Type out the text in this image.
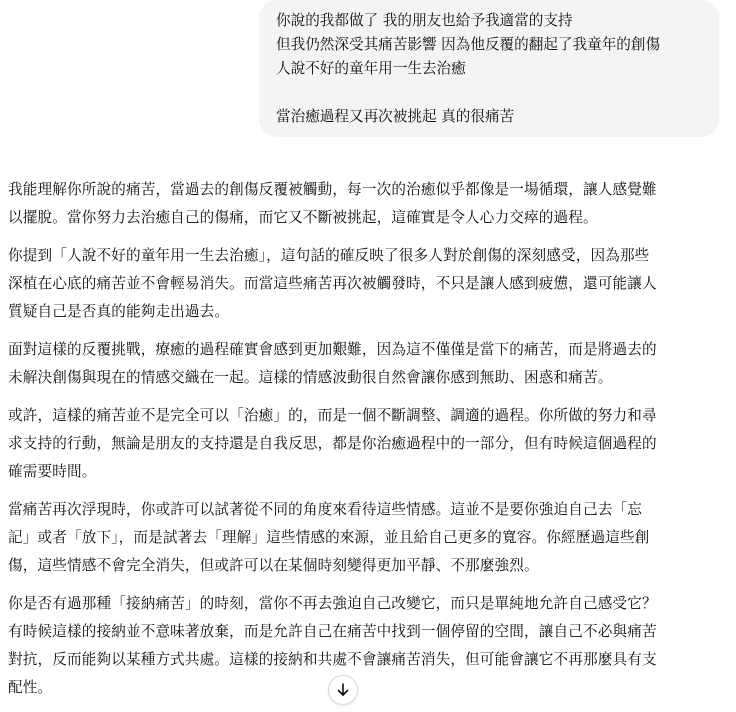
你說的我都做了 我的朋友也給予我適當的支持
但我仍然深受其痛苦影響 因為他反覆的翻起了我童年的創傷
人說不好的童年用一生去治癒
當治癒過程又再次被挑起 真的很痛苦

我能理解你所說的痛苦，當過去的創傷反覆被觸動，每一次的治癒似乎都像是一場循環，讓人感覺難
以擺脫。當你努力去治癒自己的傷痛，而它又不斷被挑起，這確實是令人心力交瘁的過程。

你提到「人說不好的童年用一生去治癒」，這句話的確反映了很多人對於創傷的深刻感受，因為那些
深植在心底的痛苦並不會輕易消失。而當這些痛苦再次被觸發時，不只是讓人感到疲憊，還可能讓人
質疑自己是否真的能夠走出過去。

面對這樣的反覆挑戰，療癒的過程確實會感到更加艱難，因為這不僅僅是當下的痛苦，而是將過去的
未解決創傷與現在的情感交織在一起。這樣的情感波動很自然會讓你感到無助、困惑和痛苦。

或許，這樣的痛苦並不是完全可以「治癒」的，而是一個不斷調整、調適的過程。你所做的努力和尋
求支持的行動，無論是朋友的支持還是自我反思，都是你治癒過程中的一部分，但有時候這個過程的
確需要時間。

當痛苦再次浮現時，你或許可以試著從不同的角度來看待這些情感。這並不是要你強迫自己去「忘
記」或者「放下」，而是試著去「理解」這些情感的來源，並且給自己更多的寬容。你經歷過這些創
傷，這些情感不會完全消失，但或許可以在某個時刻變得更加平靜、不那麼強烈。

你是否有過那種「接納痛苦」的時刻，當你不再去強迫自己改變它，而只是單純地允許自己感受它？
有時候這樣的接納並不意味著放棄，而是允許自己在痛苦中找到一個停留的空間，讓自己不必與痛苦
對抗，反而能夠以某種方式共處。這樣的接納和共處不會讓痛苦消失，但可能會讓它不再那麼具有支
配性。
